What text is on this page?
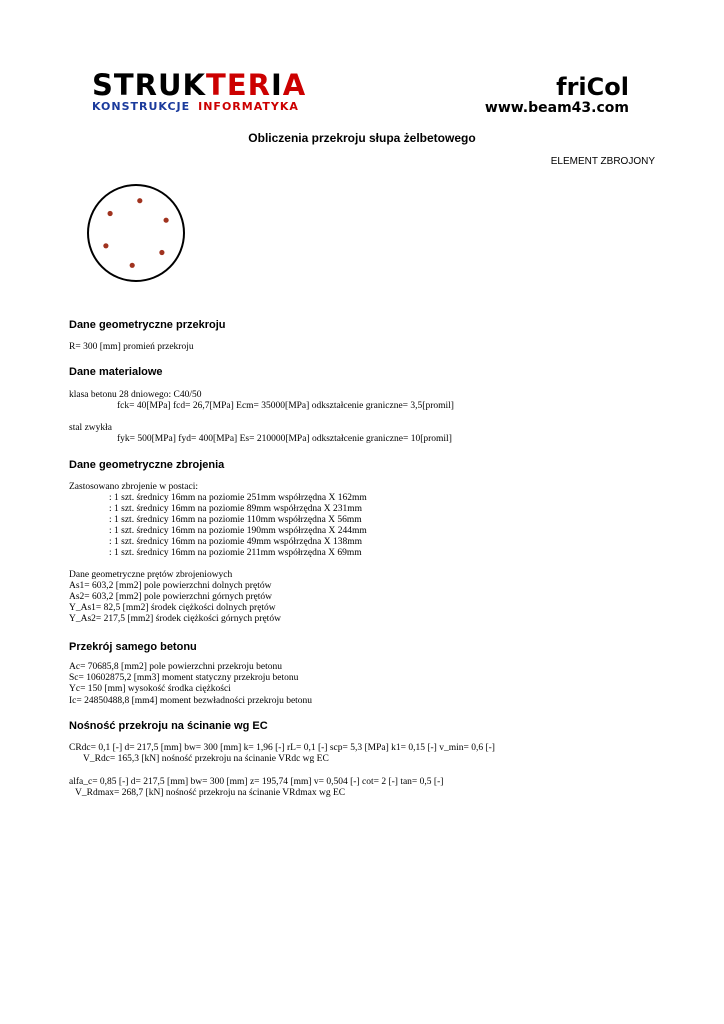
STRUKTERIA
KONSTRUKCJE INFORMATYKA
friCol
www.beam43.com
Obliczenia przekroju słupa żelbetowego
ELEMENT ZBROJONY
Dane geometryczne przekroju
R= 300 [mm] promień przekroju
Dane materialowe
klasa betonu 28 dniowego: C40/50
fck= 40[MPa] fcd= 26,7[MPa] Ecm= 35000[MPa] odkształcenie graniczne= 3,5[promil]
stal zwykła
fyk= 500[MPa] fyd= 400[MPa] Es= 210000[MPa] odkształcenie graniczne= 10[promil]
Dane geometryczne zbrojenia
Zastosowano zbrojenie w postaci:
: 1 szt. średnicy 16mm na poziomie 251mm współrzędna X 162mm
: 1 szt. średnicy 16mm na poziomie 89mm współrzędna X 231mm
: 1 szt. średnicy 16mm na poziomie 110mm współrzędna X 56mm
: 1 szt. średnicy 16mm na poziomie 190mm współrzędna X 244mm
: 1 szt. średnicy 16mm na poziomie 49mm współrzędna X 138mm
: 1 szt. średnicy 16mm na poziomie 211mm współrzędna X 69mm
Dane geometryczne prętów zbrojeniowych
As1= 603,2 [mm2] pole powierzchni dolnych prętów
As2= 603,2 [mm2] pole powierzchni górnych prętów
Y_As1= 82,5 [mm2] środek ciężkości dolnych prętów
Y_As2= 217,5 [mm2] środek ciężkości górnych prętów
Przekrój samego betonu
Ac= 70685,8 [mm2] pole powierzchni przekroju betonu
Sc= 10602875,2 [mm3] moment statyczny przekroju betonu
Yc= 150 [mm] wysokość środka ciężkości
Ic= 24850488,8 [mm4] moment bezwładności przekroju betonu
Nośność przekroju na ścinanie wg EC
CRdc= 0,1 [-] d= 217,5 [mm] bw= 300 [mm] k= 1,96 [-] rL= 0,1 [-] scp= 5,3 [MPa] k1= 0,15 [-] v_min= 0,6 [-]
V_Rdc= 165,3 [kN] nośność przekroju na ścinanie VRdc wg EC
alfa_c= 0,85 [-] d= 217,5 [mm] bw= 300 [mm] z= 195,74 [mm] v= 0,504 [-] cot= 2 [-] tan= 0,5 [-]
V_Rdmax= 268,7 [kN] nośność przekroju na ścinanie VRdmax wg EC
